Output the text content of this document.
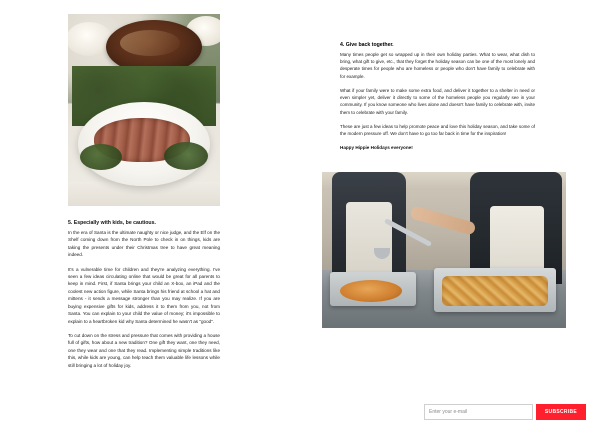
5. Especially with kids, be cautious.

In the era of Santa is the ultimate naughty or nice judge, and the Elf on the Shelf coming down from the North Pole to check in on things, kids are taking the presents under their Christmas tree to have great meaning indeed.

It's a vulnerable time for children and they're analyzing everything. I've seen a few ideas circulating online that would be great for all parents to keep in mind. First, if Santa brings your child an X-box, an iPad and the coolest new action figure, while Santa brings his friend at school a hat and mittens - it sends a message stronger than you may realize. If you are buying expensive gifts for kids, address it to them from you, not from Santa. You can explain to your child the value of money; it's impossible to explain to a heartbroken kid why Santa determined he wasn't as "good".

To cut down on the stress and pressure that comes with providing a house full of gifts, how about a new tradition? One gift they want, one they need, one they wear and one that they read. Implementing simple traditions like this, while kids are young, can help teach them valuable life lessons while still bringing a lot of holiday joy.

4. Give back together.

Many times people get so wrapped up in their own holiday parties. What to wear, what dish to bring, what gift to give, etc., that they forget the holiday season can be one of the most lonely and desperate times for people who are homeless or people who don't have family to celebrate with for example.

What if your family were to make some extra food, and deliver it together to a shelter in need or even simpler yet, deliver it directly to some of the homeless people you regularly see in your community. If you know someone who lives alone and doesn't have family to celebrate with, invite them to celebrate with your family.

These are just a few ideas to help promote peace and love this holiday season, and take some of the modern pressure off. We don't have to go too far back in time for the inspiration!

Happy Hippie Holidays everyone!

Enter your e-mail
SUBSCRIBE
